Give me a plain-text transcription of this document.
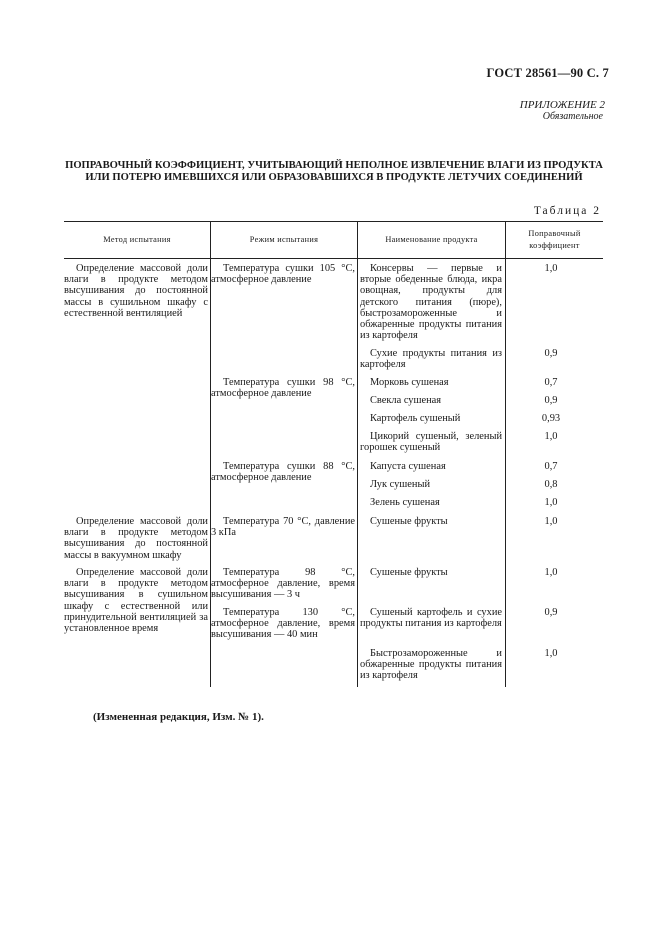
ГОСТ 28561—90 С. 7
ПРИЛОЖЕНИЕ 2
Обязательное
ПОПРАВОЧНЫЙ КОЭФФИЦИЕНТ, УЧИТЫВАЮЩИЙ НЕПОЛНОЕ ИЗВЛЕЧЕНИЕ ВЛАГИ ИЗ ПРОДУКТА ИЛИ ПОТЕРЮ ИМЕВШИХСЯ ИЛИ ОБРАЗОВАВШИХСЯ В ПРОДУКТЕ ЛЕТУЧИХ СОЕДИНЕНИЙ
Таблица 2
Метод испытания	Режим испытания	Наименование продукта
Поправочный коэффициент
Определение массовой доли влаги в продукте методом высушивания до постоянной массы в сушильном шкафу с естественной вентиляцией
Определение массовой доли влаги в продукте методом высушивания до постоянной массы в вакуумном шкафу
Определение массовой доли влаги в продукте методом высушивания в сушильном шкафу с естественной или принудительной вентиляцией за установленное время
Температура сушки 105 °С, атмосферное давление
Температура сушки 98 °С, атмосферное давление
Температура сушки 88 °С, атмосферное давление
Температура 70 °С, давление 3 кПа
Температура 98 °С, атмосферное давление, время высушивания — 3 ч
Температура 130 °С, атмосферное давление, время высушивания — 40 мин
Консервы — первые и вторые обеденные блюда, икра овощная, продукты для детского питания (пюре), быстрозамороженные и обжаренные продукты питания из картофеля
Сухие продукты питания из картофеля
Морковь сушеная
Свекла сушеная
Картофель сушеный
Цикорий сушеный, зеленый горошек сушеный
Капуста сушеная
Лук сушеный
Зелень сушеная
Сушеные фрукты
Сушеные фрукты
Сушеный картофель и сухие продукты питания из картофеля
Быстрозамороженные и обжаренные продукты питания из картофеля
1,0
0,9
0,7
0,9
0,93
1,0
0,7
0,8
1,0
1,0
1,0
0,9
1,0
(Измененная редакция, Изм. № 1).
